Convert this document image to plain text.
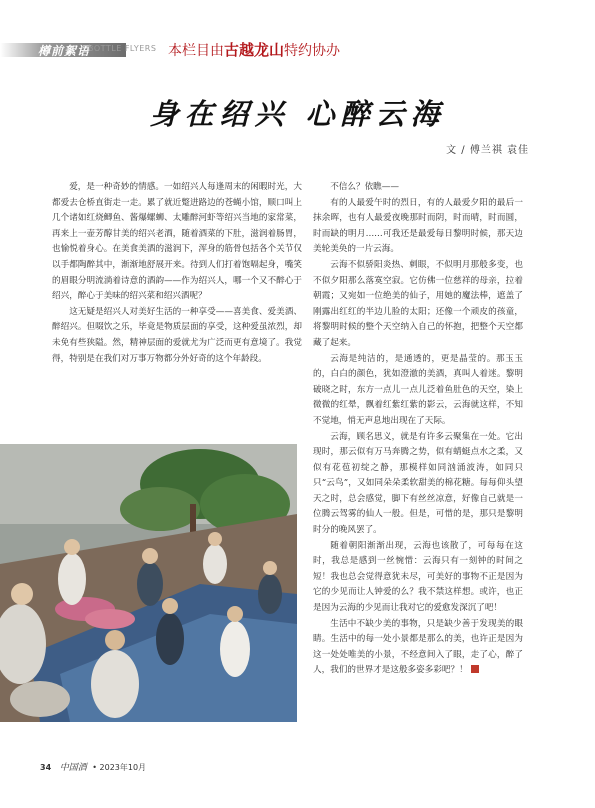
樽前絮语
BOTTLE FLYERS 本栏目由古越龙山特约协办
身在绍兴 心醉云海
文 / 傅兰祺 袁佳

爱，是一种奇妙的情感。一如绍兴人每逢周末的闲暇时光，大都爱去仓桥直街走一走。累了就近蹩进路边的苍蝇小馆，顺口叫上几个诸如红烧鲫鱼、酱爆螺蛳、太雕醉河虾等绍兴当地的家常菜，再来上一壶芳醇甘美的绍兴老酒，随着酒菜的下肚，滋润着肠胃，也愉悦着身心。在美食美酒的滋润下，浑身的筋骨包括各个关节仅以手都陶醉其中，渐渐地舒展开来。待到人们打着饱嗝起身，嘴笑的眉眼分明流淌着诗意的酒韵——作为绍兴人，哪一个又不醉心于绍兴，醉心于美味的绍兴菜和绍兴酒呢？

这无疑是绍兴人对美好生活的一种享受——喜美食、爱美酒、醉绍兴。但啜饮之乐，毕竟是物质层面的享受，这种爱虽浓烈，却未免有些狭隘。然，精神层面的爱就尤为广泛而更有意境了。我觉得，特别是在我们对万事万物都分外好奇的这个年龄段。

不信么？依瞧——

有的人最爱午时的烈日，有的人最爱夕阳的最后一抹余晖，也有人最爱夜晚那时而阴，时而晴，时而圆，时而缺的明月……可我还是最爱每日黎明时候，那天边美轮美奂的一片云海。

云海不似骄阳炎热、刺眼，不似明月那般多变，也不似夕阳那么落寞空寂。它仿佛一位慈祥的母亲，拉着朝霞；又宛如一位绝美的仙子，用她的魔法棒，遮盖了刚露出红红的半边儿脸的太阳；还像一个顽皮的孩童，将黎明时候的整个天空纳入自己的怀抱，把整个天空都藏了起来。

云海是纯洁的，是通透的，更是晶莹的。那玉玉的，白白的颜色，犹如澄澈的美酒，真叫人着迷。黎明破晓之时，东方一点儿一点儿泛着鱼肚色的天空，染上微微的红晕，飘着红紫红紫的影云，云海就这样，不知不觉地，悄无声息地出现在了天际。

云海，顾名思义，就是有许多云聚集在一处。它出现时，那云似有万马奔腾之势，似有蜻蜓点水之柔，又似有花苞初绽之静，那模样如同汹涌波涛，如同只只“云鸟”，又如同朵朵柔软甜美的棉花糖。每每仰头望天之时，总会感觉，脚下有丝丝凉意，好像自己就是一位腾云驾雾的仙人一般。但是，可惜的是，那只是黎明时分的晚风罢了。

随着朝阳渐渐出现，云海也该散了，可每每在这时，我总是感到一丝惋惜：云海只有一刻钟的时间之短！我也总会觉得意犹未尽，可美好的事物不正是因为它的少见而让人钟爱的么？我不禁这样想。或许，也正是因为云海的少见而让我对它的爱愈发深沉了吧！

生活中不缺少美的事物，只是缺少善于发现美的眼睛。生活中的每一处小景都是那么的美，也许正是因为这一处处唯美的小景，不经意间入了眼，走了心，醉了人，我们的世界才是这般多姿多彩吧？！

34 中国酒 • 2023年10月
